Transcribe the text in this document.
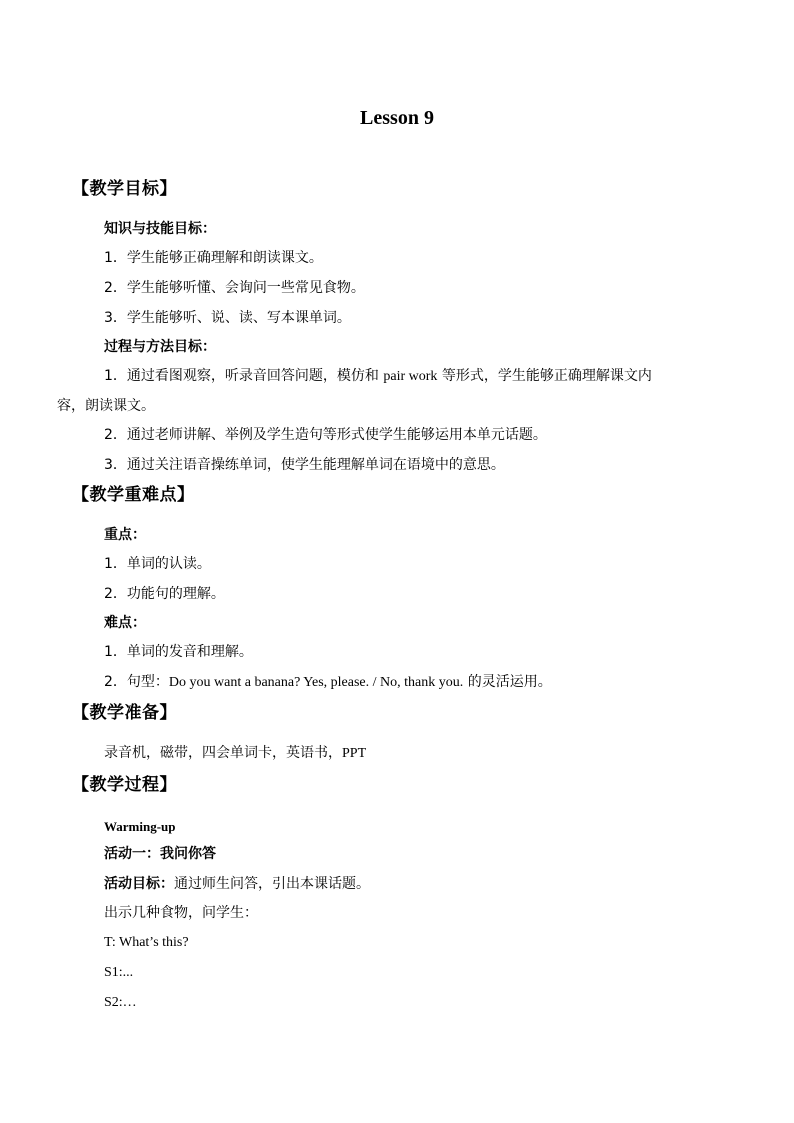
Lesson 9
【教学目标】
知识与技能目标：
1．学生能够正确理解和朗读课文。
2．学生能够听懂、会询问一些常见食物。
3．学生能够听、说、读、写本课单词。
过程与方法目标：
1．通过看图观察，听录音回答问题，模仿和 pair work 等形式，学生能够正确理解课文内
容，朗读课文。
2．通过老师讲解、举例及学生造句等形式使学生能够运用本单元话题。
3．通过关注语音操练单词，使学生能理解单词在语境中的意思。
【教学重难点】
重点：
1．单词的认读。
2．功能句的理解。
难点：
1．单词的发音和理解。
2．句型：Do you want a banana? Yes, please. / No, thank you. 的灵活运用。
【教学准备】
录音机，磁带，四会单词卡，英语书，PPT
【教学过程】
Warming-up
活动一：我问你答
活动目标：通过师生问答，引出本课话题。
出示几种食物，问学生：
T: What’s this?
S1:...
S2:…
